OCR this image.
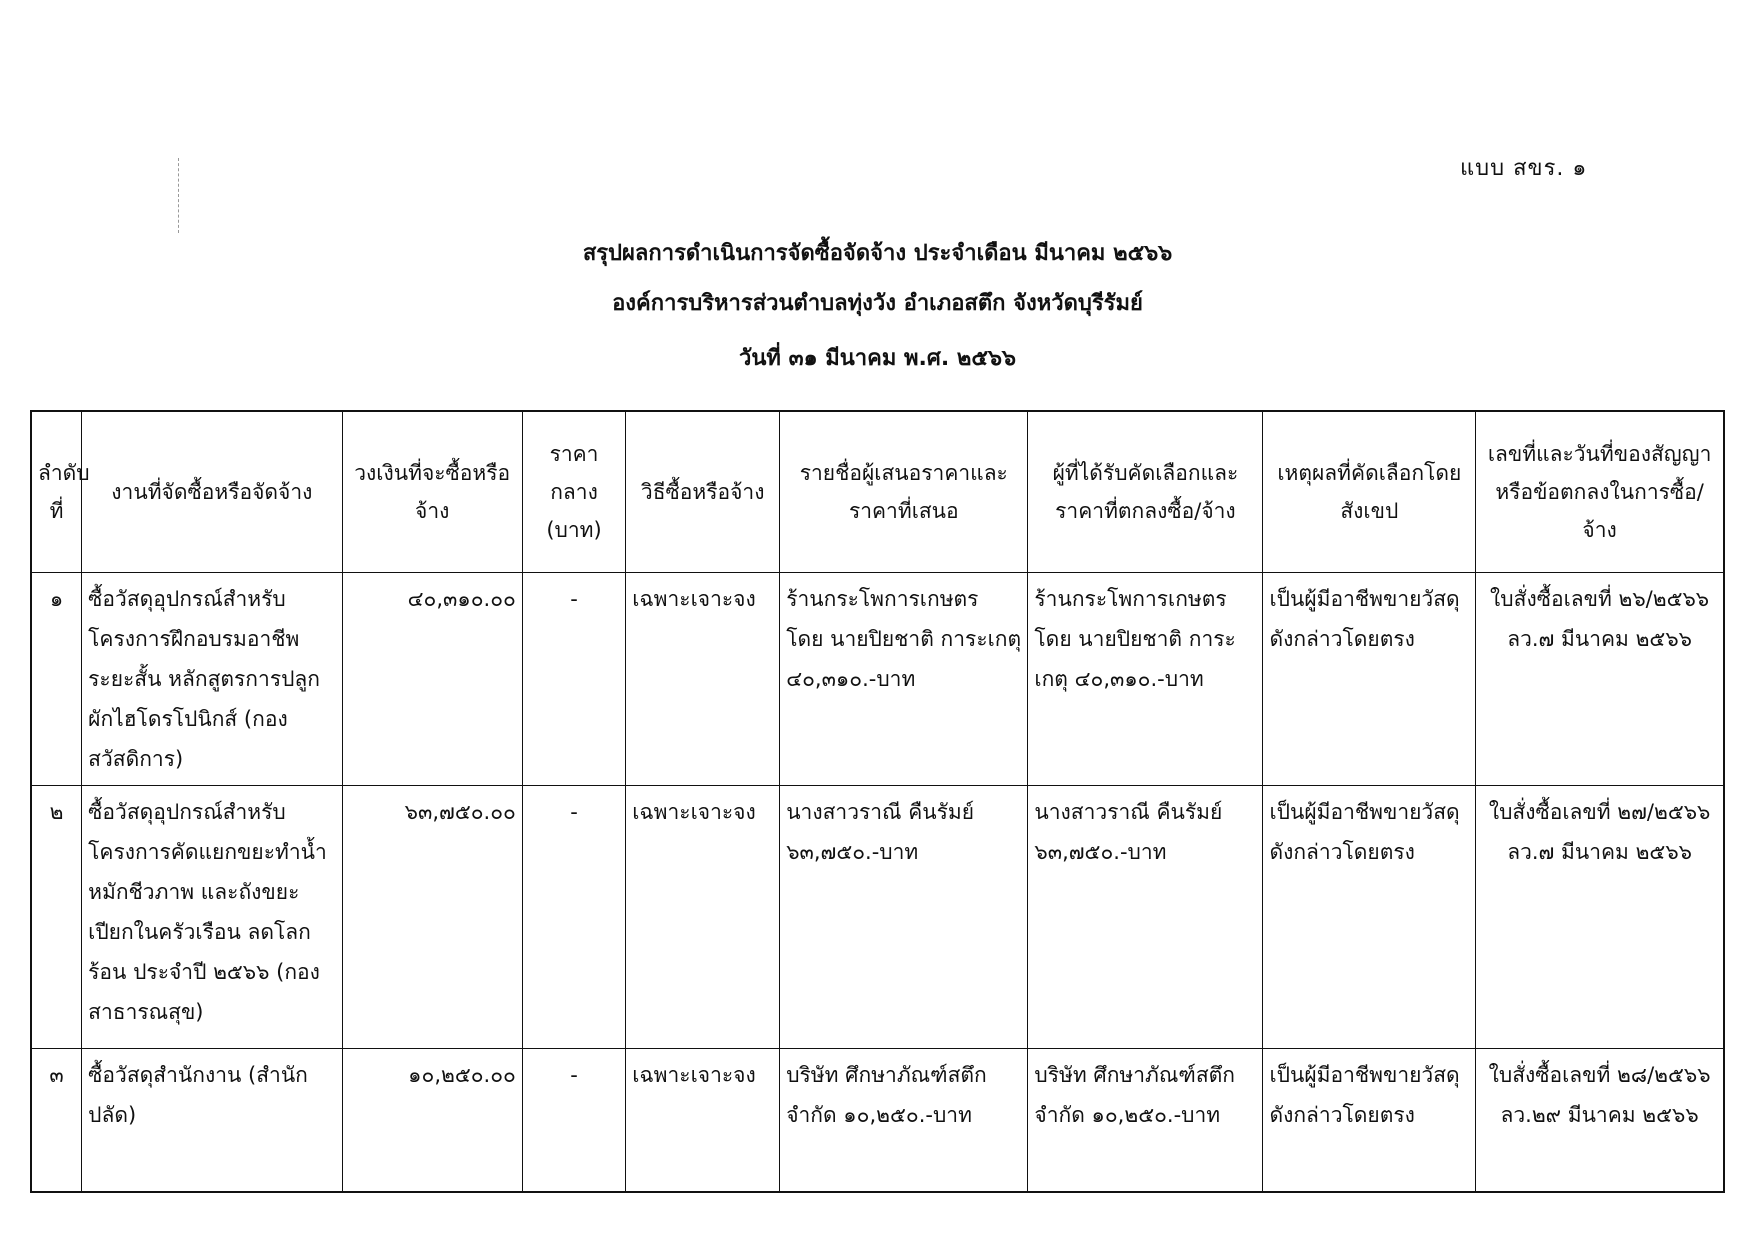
แบบ สขร. ๑
สรุปผลการดำเนินการจัดซื้อจัดจ้าง ประจำเดือน มีนาคม ๒๕๖๖
องค์การบริหารส่วนตำบลทุ่งวัง อำเภอสตึก จังหวัดบุรีรัมย์
วันที่ ๓๑ มีนาคม พ.ศ. ๒๕๖๖
ลำดับที่	งานที่จัดซื้อหรือจัดจ้าง	วงเงินที่จะซื้อหรือจ้าง	ราคากลาง (บาท)	วิธีซื้อหรือจ้าง	รายชื่อผู้เสนอราคาและราคาที่เสนอ	ผู้ที่ได้รับคัดเลือกและราคาที่ตกลงซื้อ/จ้าง	เหตุผลที่คัดเลือกโดยสังเขป	เลขที่และวันที่ของสัญญาหรือข้อตกลงในการซื้อ/จ้าง
๑	ซื้อวัสดุอุปกรณ์สำหรับโครงการฝึกอบรมอาชีพระยะสั้น หลักสูตรการปลูกผักไฮโดรโปนิกส์ (กองสวัสดิการ)	๔๐,๓๑๐.๐๐	-	เฉพาะเจาะจง	ร้านกระโพการเกษตร โดย นายปิยชาติ การะเกตุ ๔๐,๓๑๐.-บาท	ร้านกระโพการเกษตร โดย นายปิยชาติ การะเกตุ ๔๐,๓๑๐.-บาท	เป็นผู้มีอาชีพขายวัสดุดังกล่าวโดยตรง	ใบสั่งซื้อเลขที่ ๒๖/๒๕๖๖
ลว.๗ มีนาคม ๒๕๖๖

๒	ซื้อวัสดุอุปกรณ์สำหรับโครงการคัดแยกขยะทำน้ำหมักชีวภาพ และถังขยะเปียกในครัวเรือน ลดโลกร้อน ประจำปี ๒๕๖๖ (กองสาธารณสุข)	๖๓,๗๕๐.๐๐	-	เฉพาะเจาะจง	นางสาวราณี คืนรัมย์ ๖๓,๗๕๐.-บาท	นางสาวราณี คืนรัมย์ ๖๓,๗๕๐.-บาท	เป็นผู้มีอาชีพขายวัสดุดังกล่าวโดยตรง	ใบสั่งซื้อเลขที่ ๒๗/๒๕๖๖
ลว.๗ มีนาคม ๒๕๖๖

๓	ซื้อวัสดุสำนักงาน (สำนักปลัด)	๑๐,๒๕๐.๐๐	-	เฉพาะเจาะจง	บริษัท ศึกษาภัณฑ์สตึก จำกัด ๑๐,๒๕๐.-บาท	บริษัท ศึกษาภัณฑ์สตึก จำกัด ๑๐,๒๕๐.-บาท	เป็นผู้มีอาชีพขายวัสดุดังกล่าวโดยตรง	ใบสั่งซื้อเลขที่ ๒๘/๒๕๖๖
ลว.๒๙ มีนาคม ๒๕๖๖
